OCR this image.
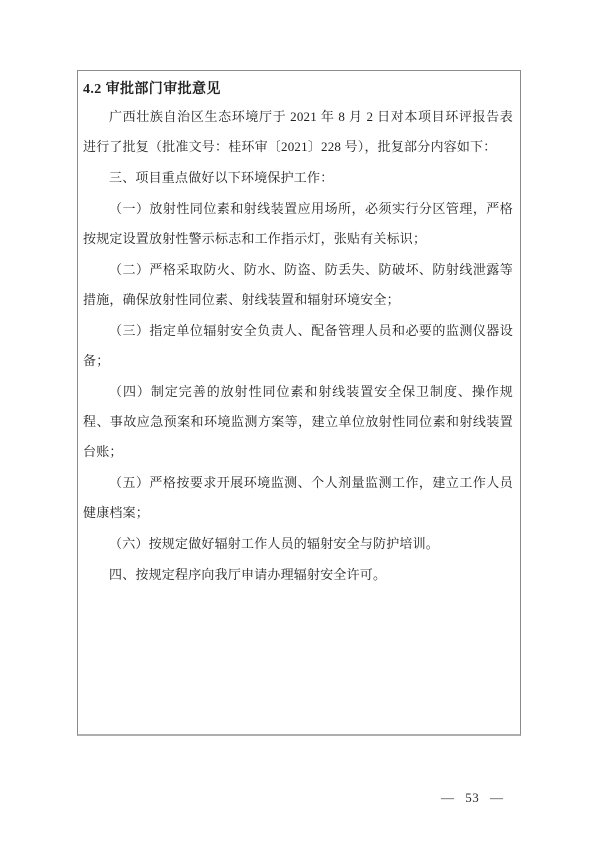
4.2 审批部门审批意见

广西壮族自治区生态环境厅于 2021 年 8 月 2 日对本项目环评报告表进行了批复（批准文号：桂环审〔2021〕228 号），批复部分内容如下：

三、项目重点做好以下环境保护工作：

（一）放射性同位素和射线装置应用场所，必须实行分区管理，严格按规定设置放射性警示标志和工作指示灯，张贴有关标识；

（二）严格采取防火、防水、防盗、防丢失、防破坏、防射线泄露等措施，确保放射性同位素、射线装置和辐射环境安全；

（三）指定单位辐射安全负责人、配备管理人员和必要的监测仪器设备；

（四）制定完善的放射性同位素和射线装置安全保卫制度、操作规程、事故应急预案和环境监测方案等，建立单位放射性同位素和射线装置台账；

（五）严格按要求开展环境监测、个人剂量监测工作，建立工作人员健康档案；

（六）按规定做好辐射工作人员的辐射安全与防护培训。

四、按规定程序向我厅申请办理辐射安全许可。

— 53 —
